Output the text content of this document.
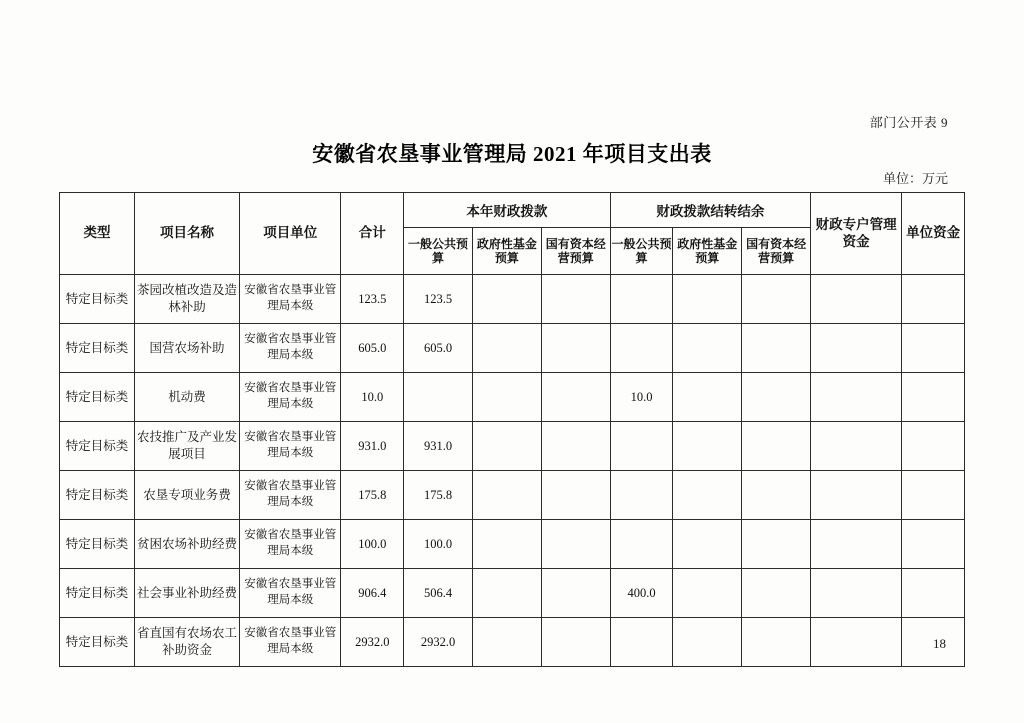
部门公开表 9
安徽省农垦事业管理局 2021 年项目支出表
单位：万元
类型	项目名称	项目单位	合计	本年财政拨款			财政拨款结转结余			财政专户管理资金	单位资金
				一般公共预算	政府性基金预算	国有资本经营预算	一般公共预算	政府性基金预算	国有资本经营预算		
特定目标类	茶园改植改造及造林补助	安徽省农垦事业管理局本级	123.5	123.5							
特定目标类	国营农场补助	安徽省农垦事业管理局本级	605.0	605.0							
特定目标类	机动费	安徽省农垦事业管理局本级	10.0				10.0				
特定目标类	农技推广及产业发展项目	安徽省农垦事业管理局本级	931.0	931.0							
特定目标类	农垦专项业务费	安徽省农垦事业管理局本级	175.8	175.8							
特定目标类	贫困农场补助经费	安徽省农垦事业管理局本级	100.0	100.0							
特定目标类	社会事业补助经费	安徽省农垦事业管理局本级	906.4	506.4			400.0				
特定目标类	省直国有农场农工补助资金	安徽省农垦事业管理局本级	2932.0	2932.0								18
